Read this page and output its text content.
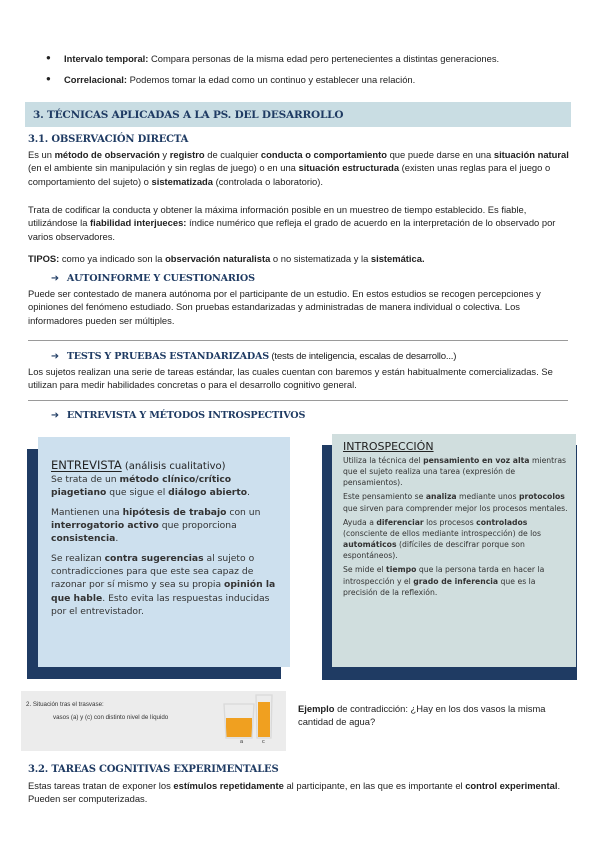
● Intervalo temporal: Compara personas de la misma edad pero pertenecientes a distintas generaciones.
● Correlacional: Podemos tomar la edad como un continuo y establecer una relación.
3. TÉCNICAS APLICADAS A LA PS. DEL DESARROLLO
3.1. OBSERVACIÓN DIRECTA
Es un método de observación y registro de cualquier conducta o comportamiento que puede darse en una situación natural (en el ambiente sin manipulación y sin reglas de juego) o en una situación estructurada (existen unas reglas para el juego o comportamiento del sujeto) o sistematizada (controlada o laboratorio).
Trata de codificar la conducta y obtener la máxima información posible en un muestreo de tiempo establecido. Es fiable, utilizándose la fiabilidad interjueces: índice numérico que refleja el grado de acuerdo en la interpretación de lo observado por varios observadores.
TIPOS: como ya indicado son la observación naturalista o no sistematizada y la sistemática.
➔ AUTOINFORME Y CUESTIONARIOS
Puede ser contestado de manera autónoma por el participante de un estudio. En estos estudios se recogen percepciones y opiniones del fenómeno estudiado. Son pruebas estandarizadas y administradas de manera individual o colectiva. Los informadores pueden ser múltiples.
➔ TESTS Y PRUEBAS ESTANDARIZADAS (tests de inteligencia, escalas de desarrollo...)
Los sujetos realizan una serie de tareas estándar, las cuales cuentan con baremos y están habitualmente comercializadas. Se utilizan para medir habilidades concretas o para el desarrollo cognitivo general.
➔ ENTREVISTA Y MÉTODOS INTROSPECTIVOS
ENTREVISTA (análisis cualitativo)

Se trata de un método clínico/crítico piagetiano que sigue el diálogo abierto.

Mantienen una hipótesis de trabajo con un interrogatorio activo que proporciona consistencia.

Se realizan contra sugerencias al sujeto o contradicciones para que este sea capaz de razonar por sí mismo y sea su propia opinión la que hable. Esto evita las respuestas inducidas por el entrevistador.

INTROSPECCIÓN

Utiliza la técnica del pensamiento en voz alta mientras que el sujeto realiza una tarea (expresión de pensamientos).

Este pensamiento se analiza mediante unos protocolos que sirven para comprender mejor los procesos mentales.

Ayuda a diferenciar los procesos controlados (consciente de ellos mediante introspección) de los automáticos (difíciles de descifrar porque son espontáneos).

Se mide el tiempo que la persona tarda en hacer la introspección y el grado de inferencia que es la precisión de la reflexión.

2. Situación tras el trasvase:
vasos (a) y (c) con distinto nivel de líquido
a	c
Ejemplo de contradicción: ¿Hay en los dos vasos la misma cantidad de agua?
3.2. TAREAS COGNITIVAS EXPERIMENTALES
Estas tareas tratan de exponer los estímulos repetidamente al participante, en las que es importante el control experimental. Pueden ser computerizadas.
